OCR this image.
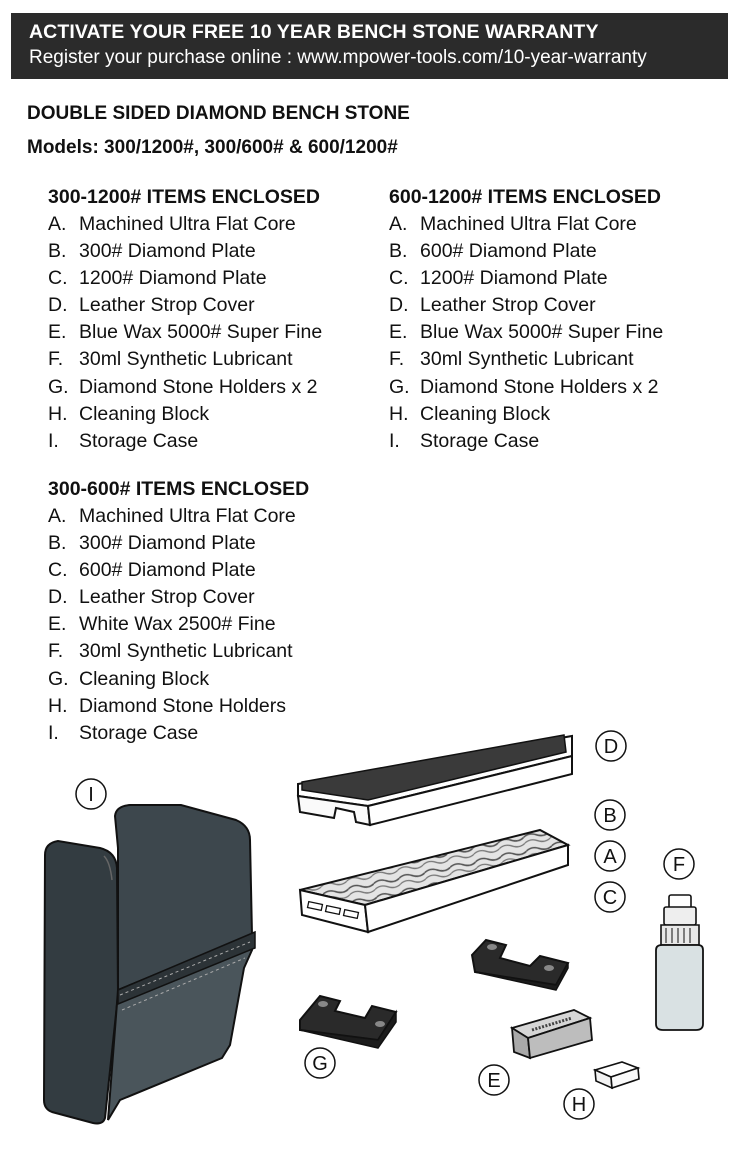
ACTIVATE YOUR FREE 10 YEAR BENCH STONE WARRANTY
Register your purchase online : www.mpower-tools.com/10-year-warranty
DOUBLE SIDED DIAMOND BENCH STONE
Models: 300/1200#, 300/600# & 600/1200#
300-1200# ITEMS ENCLOSED
A. Machined Ultra Flat Core
B. 300# Diamond Plate
C. 1200# Diamond Plate
D. Leather Strop Cover
E. Blue Wax 5000# Super Fine
F. 30ml Synthetic Lubricant
G. Diamond Stone Holders x 2
H. Cleaning Block
I. Storage Case
600-1200# ITEMS ENCLOSED
A. Machined Ultra Flat Core
B. 600# Diamond Plate
C. 1200# Diamond Plate
D. Leather Strop Cover
E. Blue Wax 5000# Super Fine
F. 30ml Synthetic Lubricant
G. Diamond Stone Holders x 2
H. Cleaning Block
I. Storage Case
300-600# ITEMS ENCLOSED
A. Machined Ultra Flat Core
B. 300# Diamond Plate
C. 600# Diamond Plate
D. Leather Strop Cover
E. White Wax 2500# Fine
F. 30ml Synthetic Lubricant
G. Cleaning Block
H. Diamond Stone Holders
I. Storage Case
A
B
C
D
E
F
G
H
I
